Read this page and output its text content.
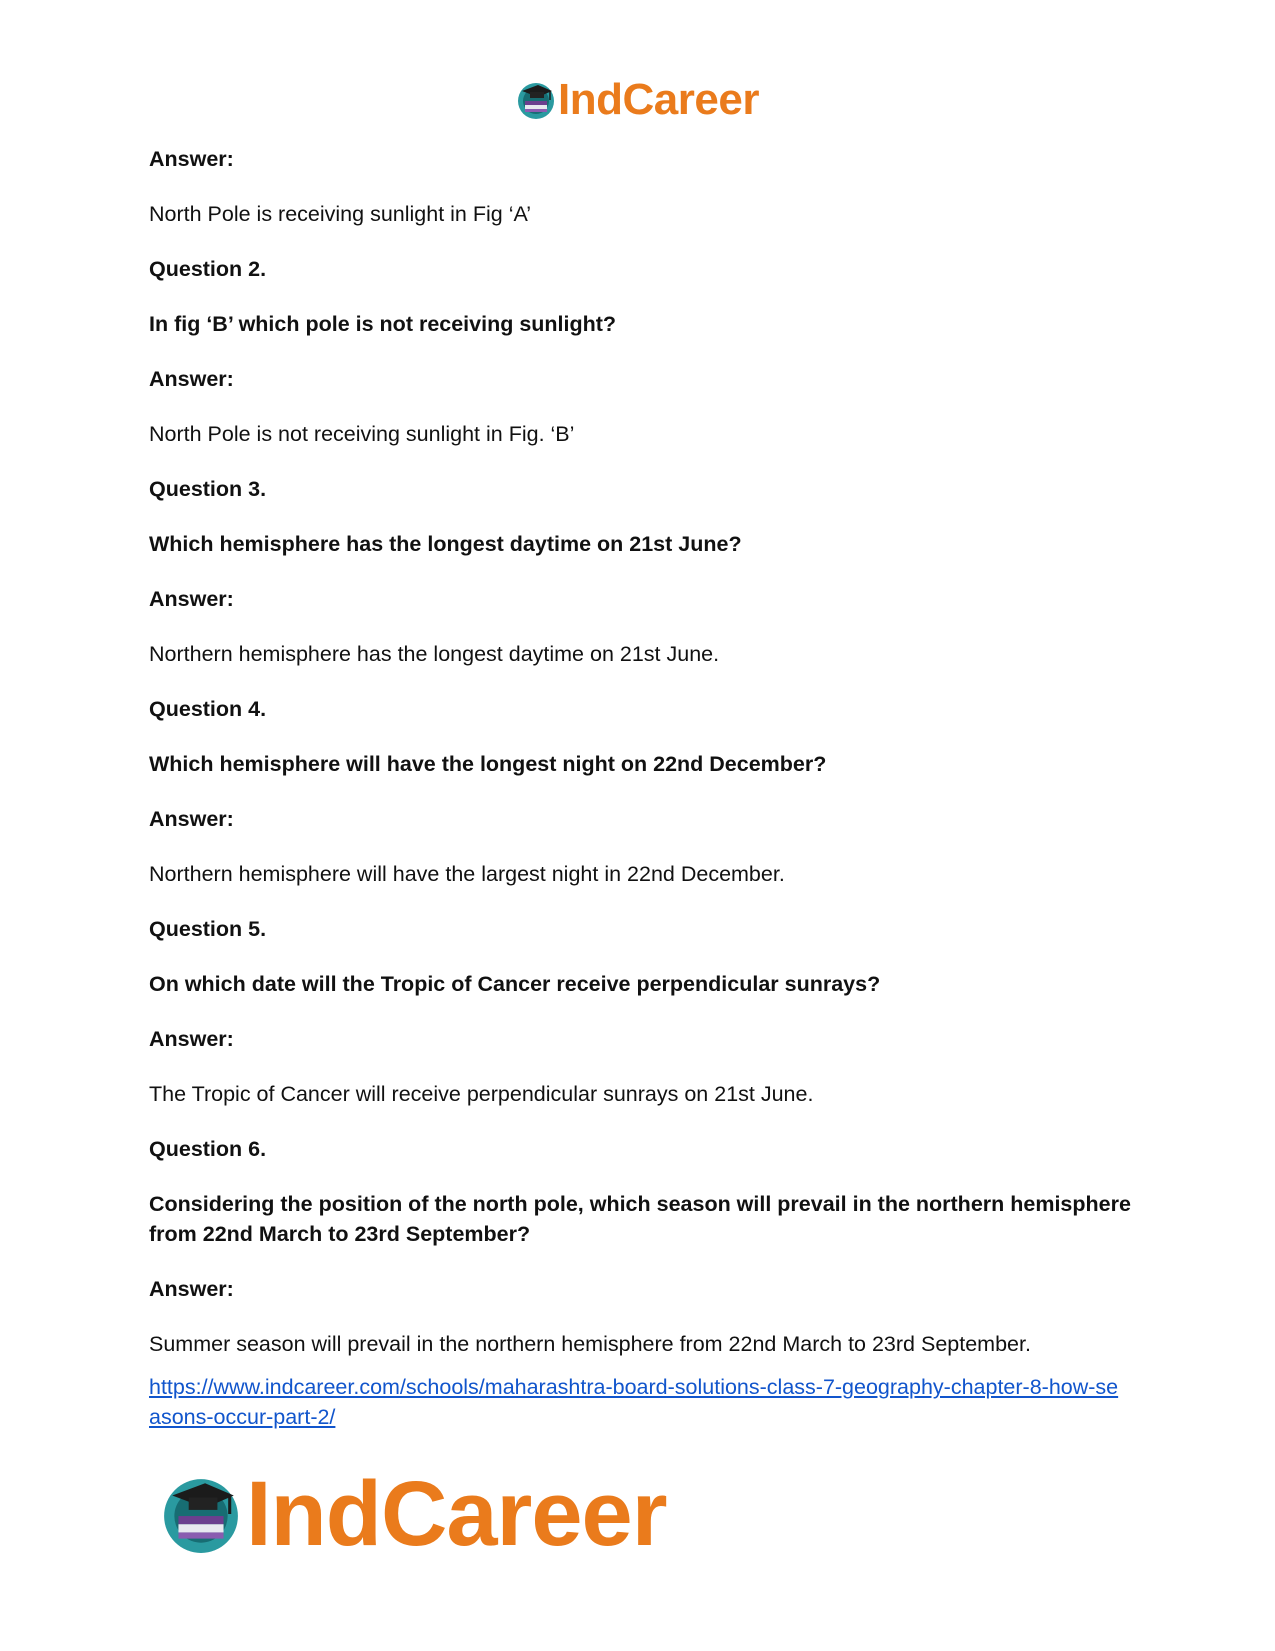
IndCareer

Answer:

North Pole is receiving sunlight in Fig ‘A’

Question 2.

In fig ‘B’ which pole is not receiving sunlight?

Answer:

North Pole is not receiving sunlight in Fig. ‘B’

Question 3.

Which hemisphere has the longest daytime on 21st June?

Answer:

Northern hemisphere has the longest daytime on 21st June.

Question 4.

Which hemisphere will have the longest night on 22nd December?

Answer:

Northern hemisphere will have the largest night in 22nd December.

Question 5.

On which date will the Tropic of Cancer receive perpendicular sunrays?

Answer:

The Tropic of Cancer will receive perpendicular sunrays on 21st June.

Question 6.

Considering the position of the north pole, which season will prevail in the northern hemisphere from 22nd March to 23rd September?

Answer:

Summer season will prevail in the northern hemisphere from 22nd March to 23rd September.

https://www.indcareer.com/schools/maharashtra-board-solutions-class-7-geography-chapter-8-how-seasons-occur-part-2/

IndCareer
